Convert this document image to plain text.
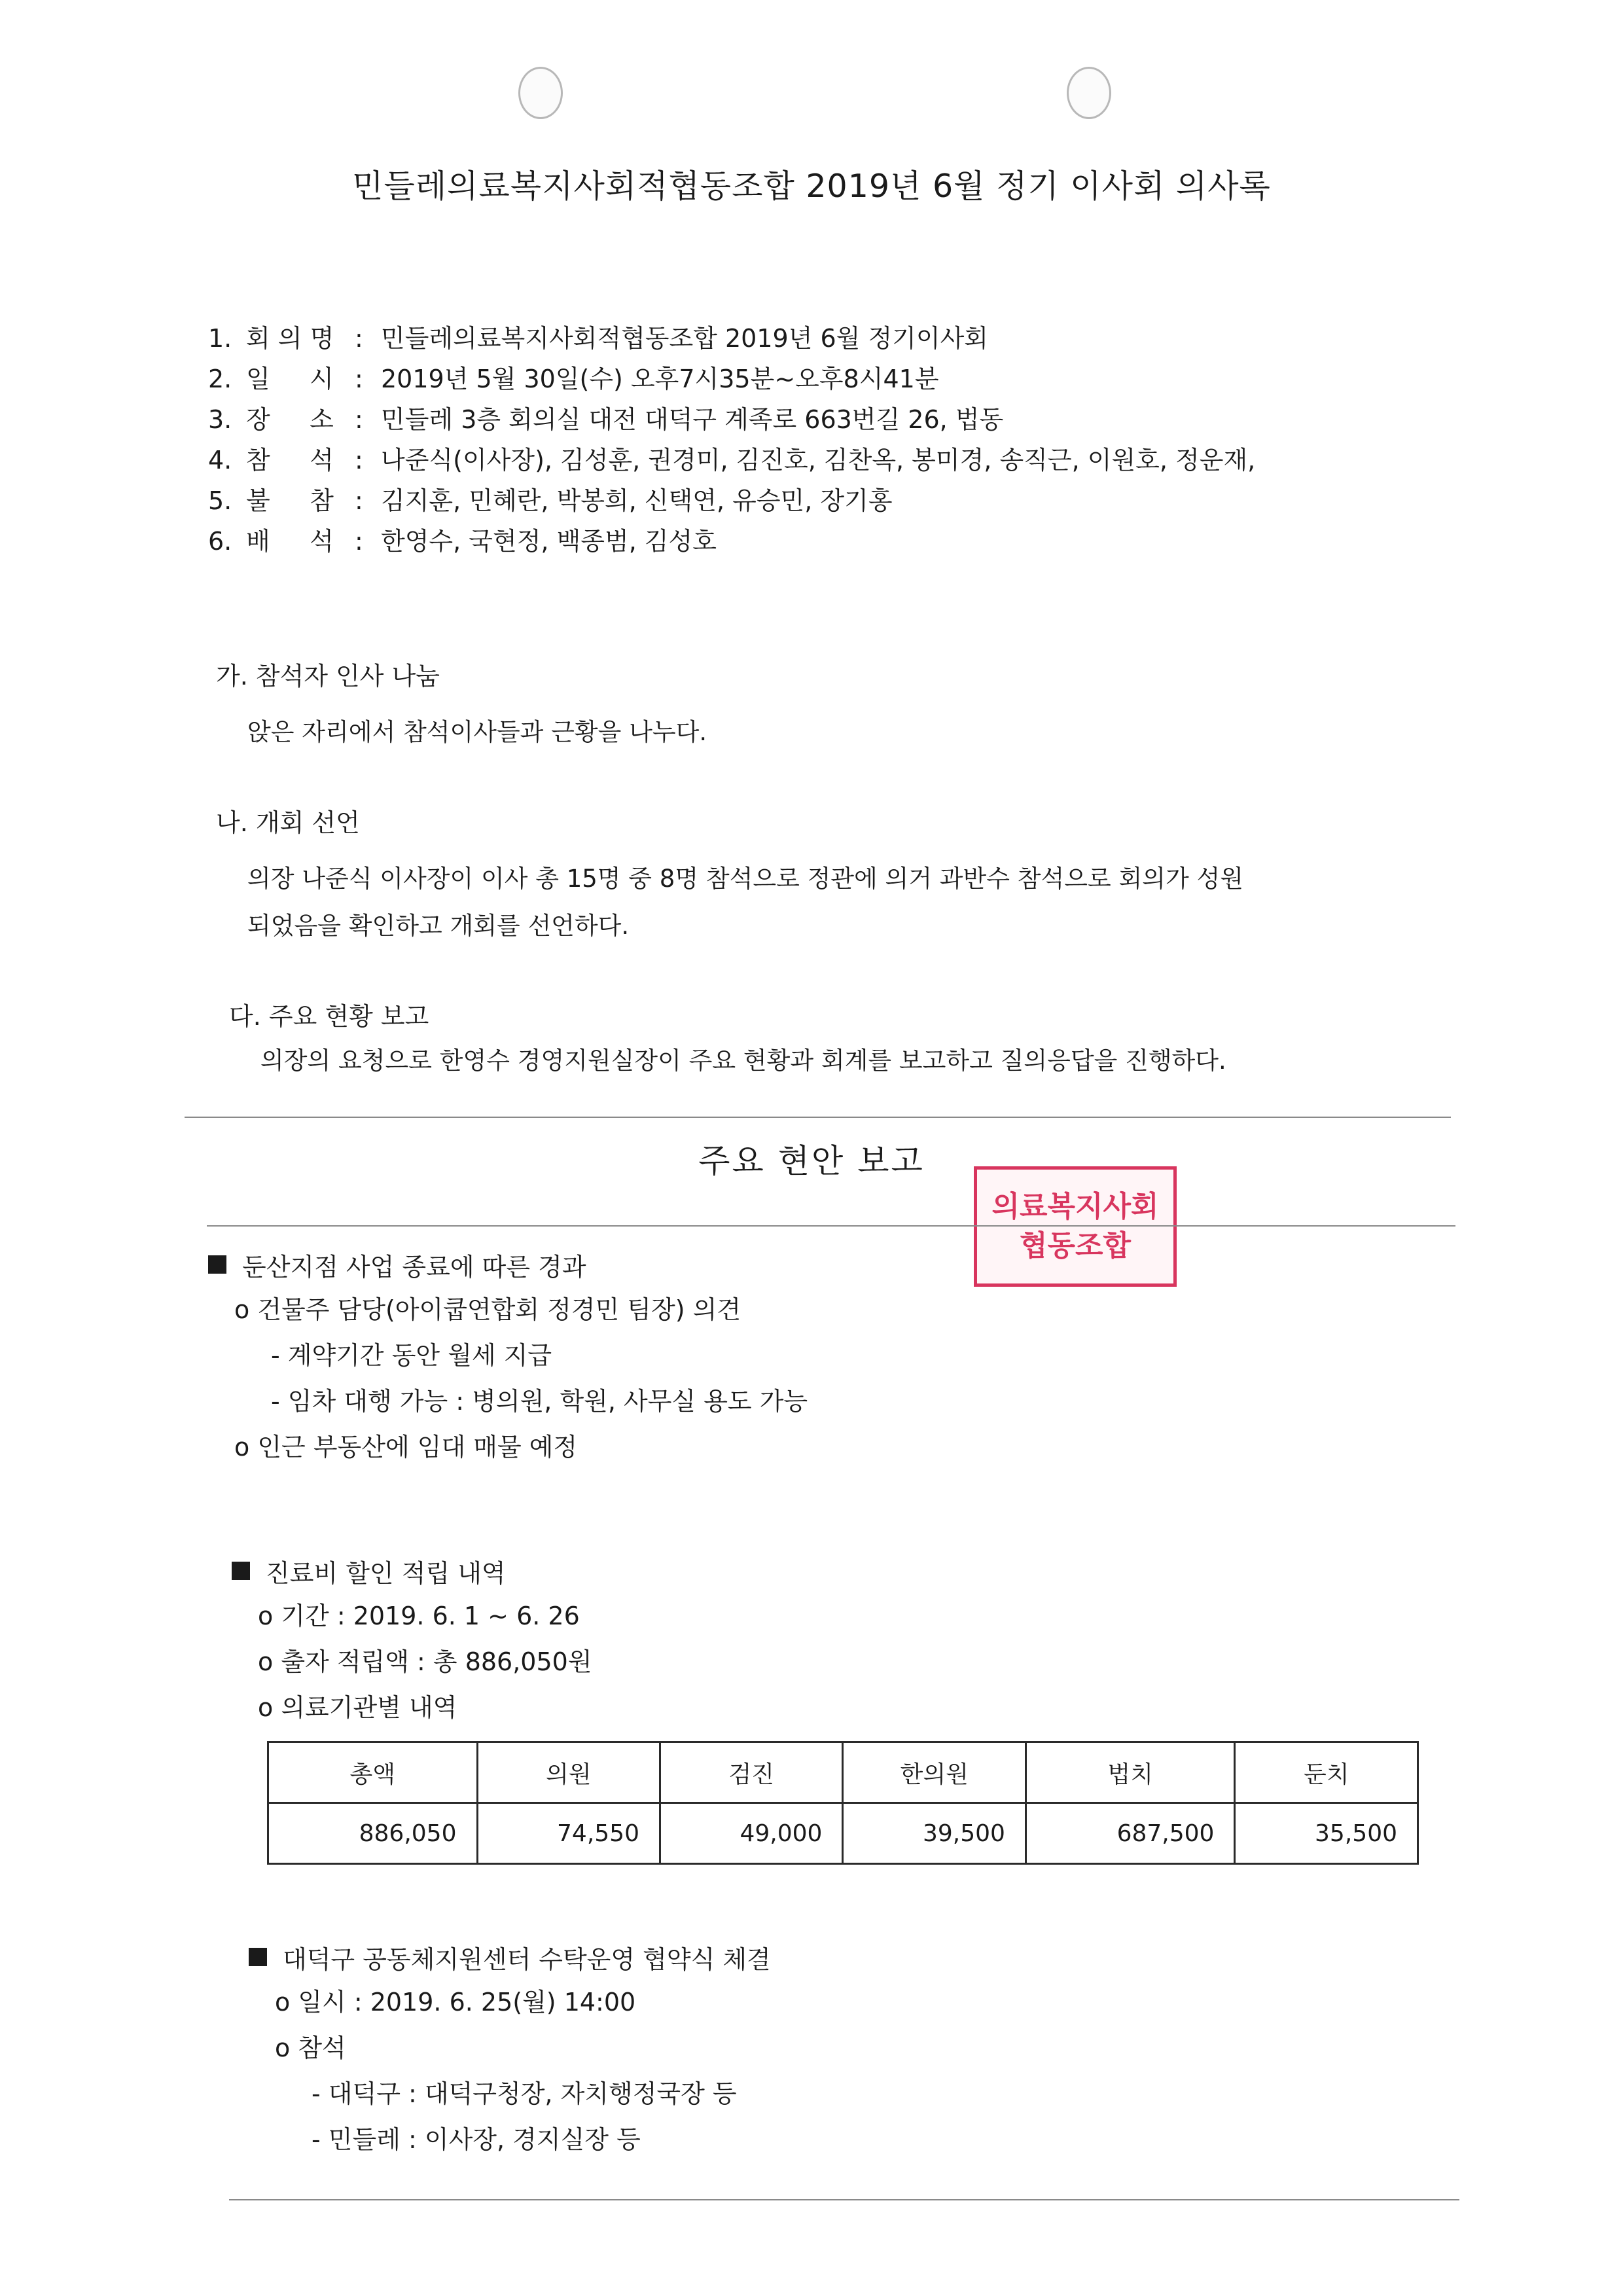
민들레의료복지사회적협동조합 2019년 6월 정기 이사회 의사록
1. 회 의 명 : 민들레의료복지사회적협동조합 2019년 6월 정기이사회
2. 일     시 : 2019년 5월 30일(수) 오후7시35분~오후8시41분
3. 장     소 : 민들레 3층 회의실 대전 대덕구 계족로 663번길 26, 법동
4. 참     석 : 나준식(이사장), 김성훈, 권경미, 김진호, 김찬옥, 봉미경, 송직근, 이원호, 정운재,
5. 불     참 : 김지훈, 민혜란, 박봉희, 신택연, 유승민, 장기홍
6. 배     석 : 한영수, 국현정, 백종범, 김성호
가. 참석자 인사 나눔
앉은 자리에서 참석이사들과 근황을 나누다.
나. 개회 선언
의장 나준식 이사장이 이사 총 15명 중 8명 참석으로 정관에 의거 과반수 참석으로 회의가 성원
되었음을 확인하고 개회를 선언하다.
다. 주요 현황 보고
의장의 요청으로 한영수 경영지원실장이 주요 현황과 회계를 보고하고 질의응답을 진행하다.
주요 현안 보고
의료복지사회
협동조합
둔산지점 사업 종료에 따른 경과
o 건물주 담당(아이쿱연합회 정경민 팀장) 의견
- 계약기간 동안 월세 지급
- 임차 대행 가능 : 병의원, 학원, 사무실 용도 가능
o 인근 부동산에 임대 매물 예정
진료비 할인 적립 내역
o 기간 : 2019. 6. 1 ~ 6. 26
o 출자 적립액 : 총 886,050원
o 의료기관별 내역
총액	의원	검진	한의원	법치	둔치
886,050	74,550	49,000	39,500	687,500	35,500
대덕구 공동체지원센터 수탁운영 협약식 체결
o 일시 : 2019. 6. 25(월) 14:00
o 참석
- 대덕구 : 대덕구청장, 자치행정국장 등
- 민들레 : 이사장, 경지실장 등
